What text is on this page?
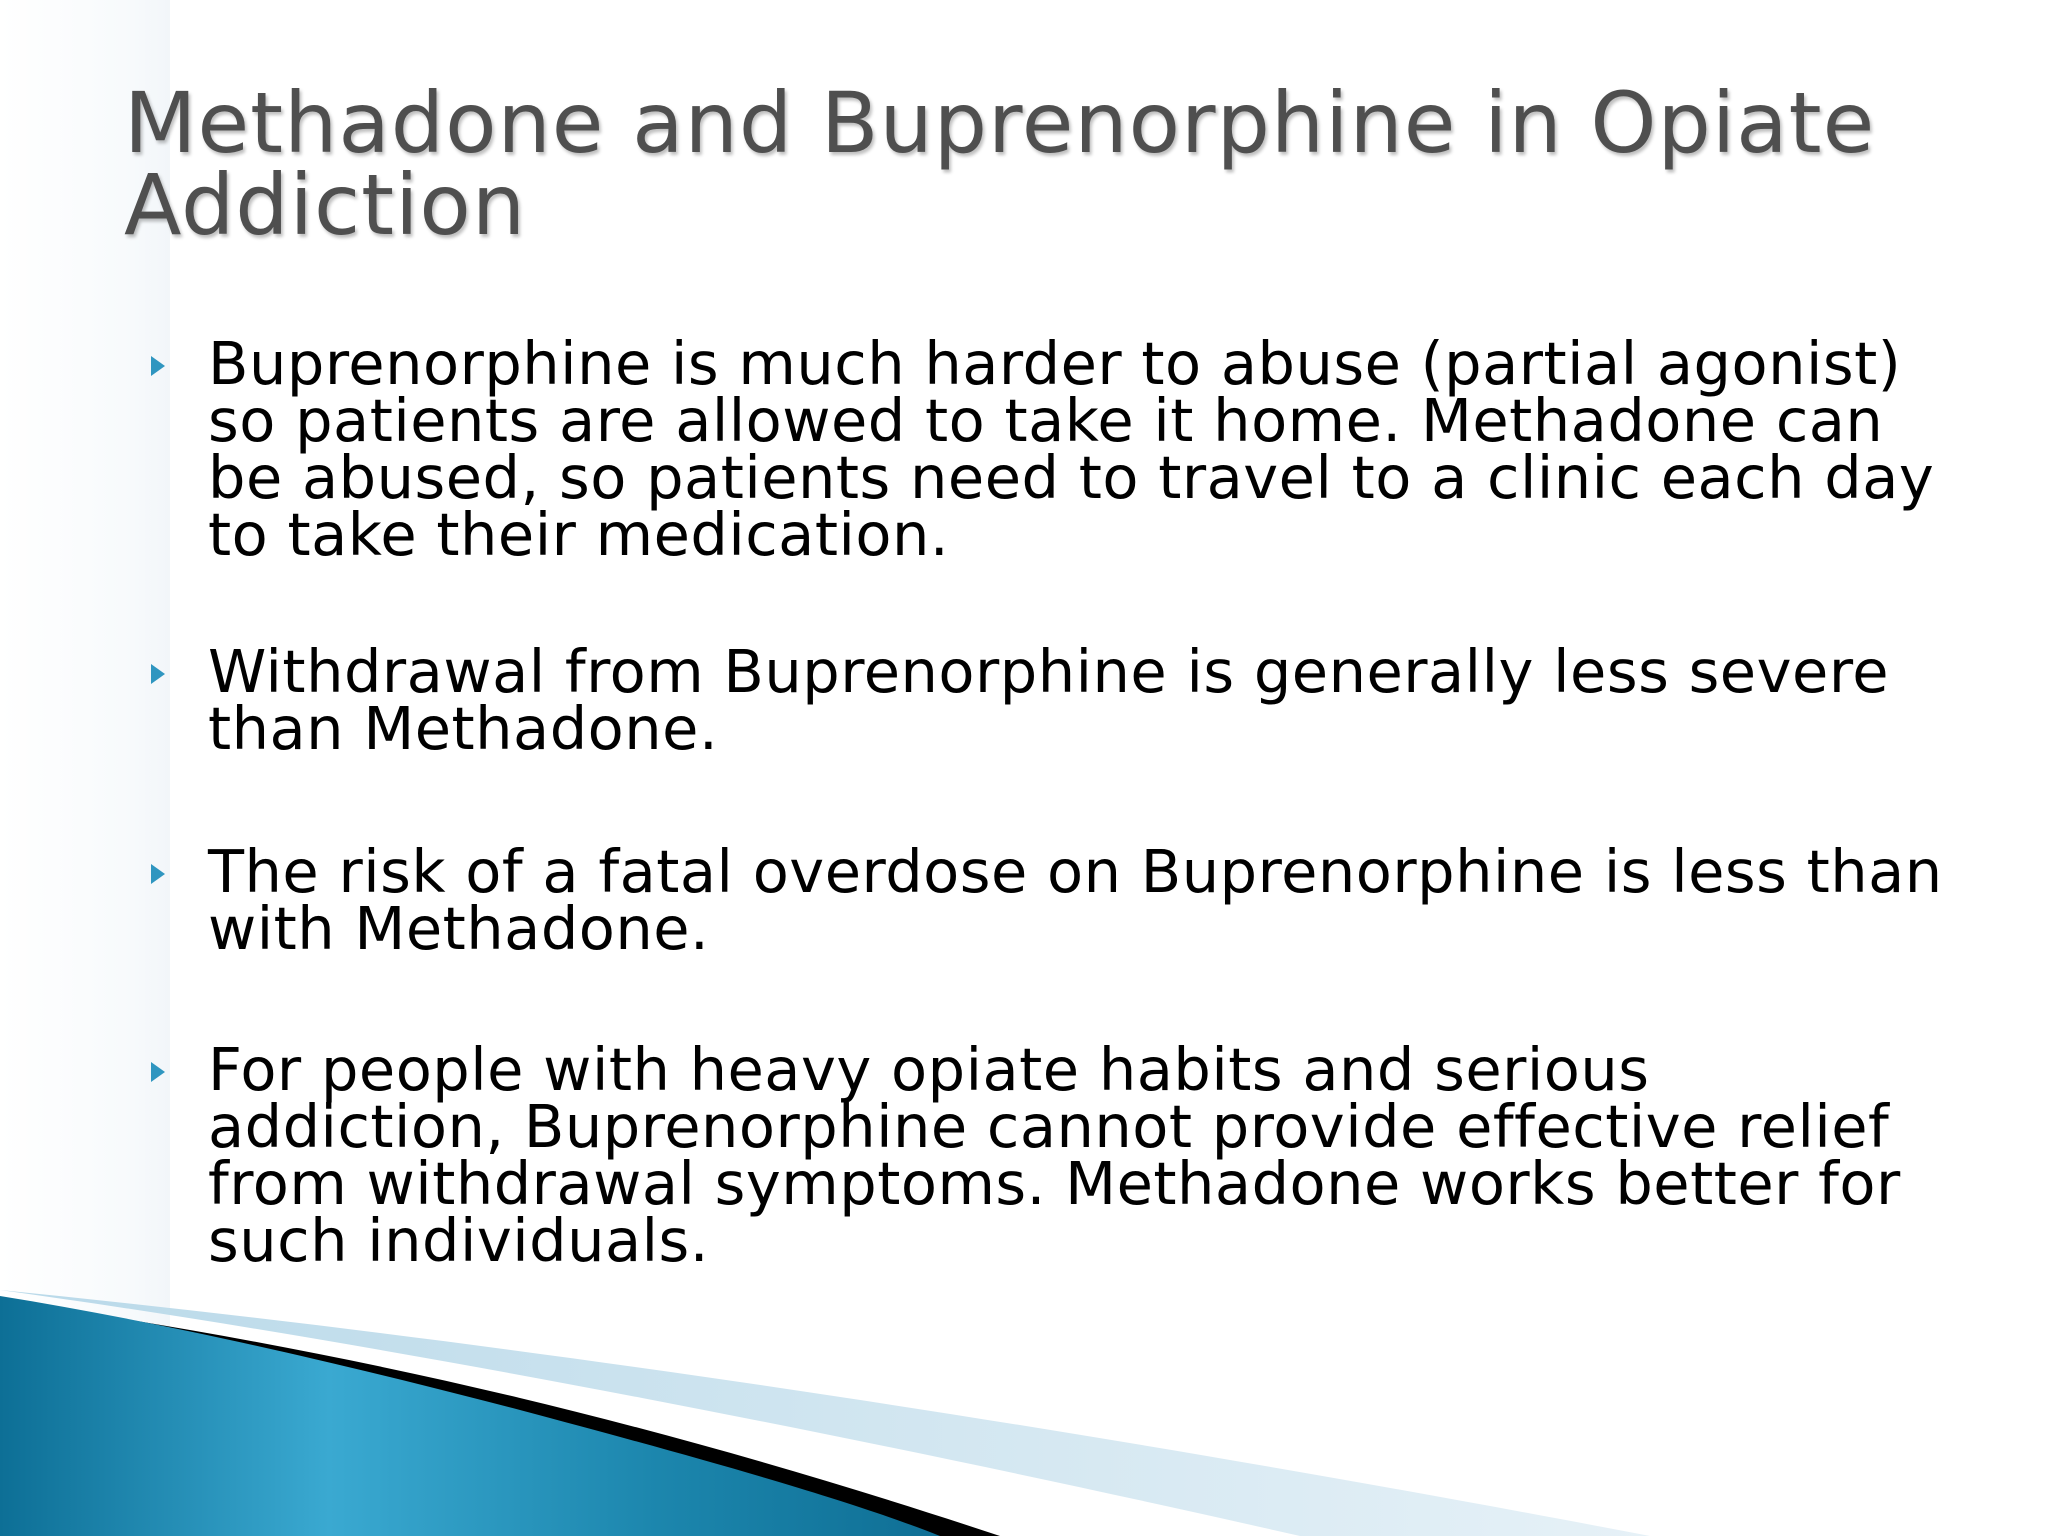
Methadone and Buprenorphine in Opiate Addiction
Buprenorphine is much harder to abuse (partial agonist) so patients are allowed to take it home. Methadone can be abused, so patients need to travel to a clinic each day to take their medication.
Withdrawal from Buprenorphine is generally less severe than Methadone.
The risk of a fatal overdose on Buprenorphine is less than with Methadone.
For people with heavy opiate habits and serious addiction, Buprenorphine cannot provide effective relief from withdrawal symptoms. Methadone works better for such individuals.
